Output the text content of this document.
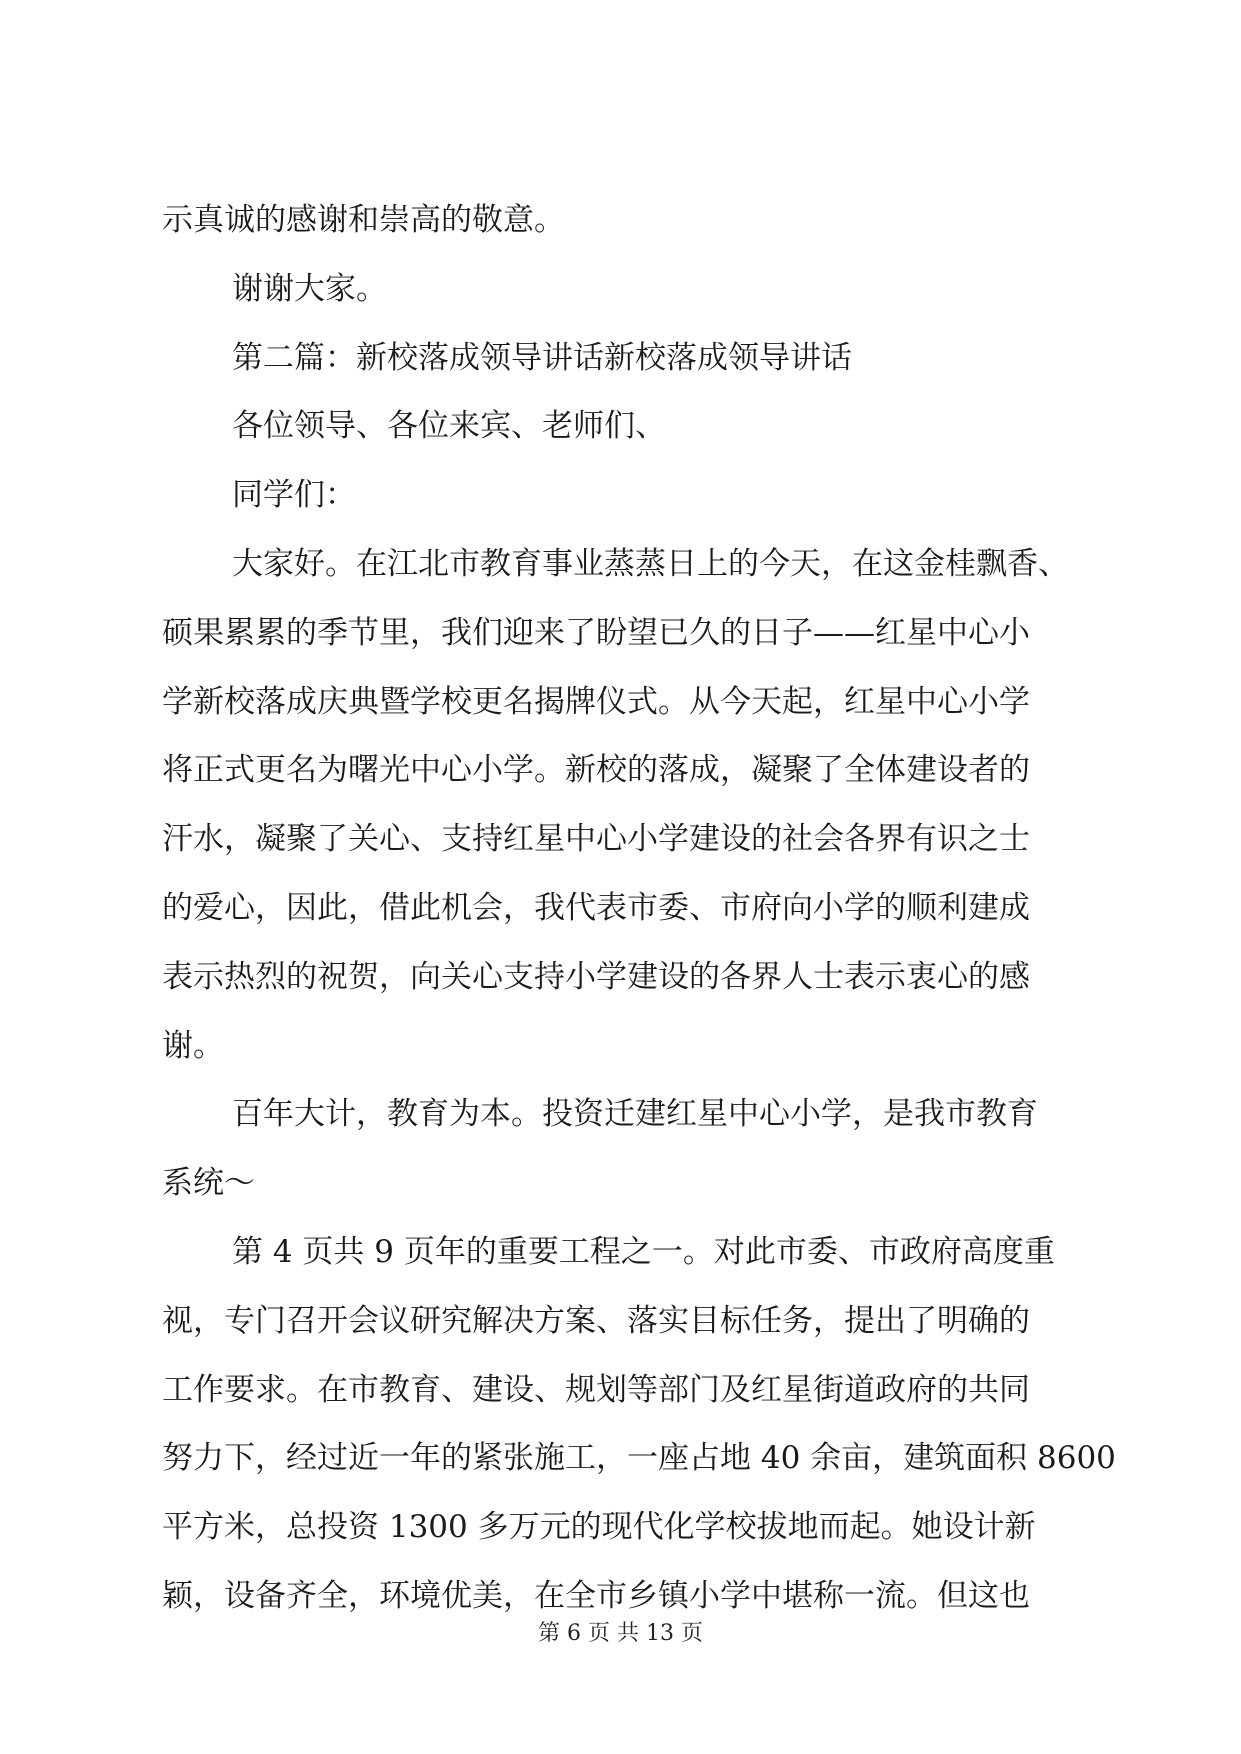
示真诚的感谢和崇高的敬意。
谢谢大家。
第二篇：新校落成领导讲话新校落成领导讲话
各位领导、各位来宾、老师们、
同学们：
大家好。在江北市教育事业蒸蒸日上的今天，在这金桂飘香、
硕果累累的季节里，我们迎来了盼望已久的日子——红星中心小
学新校落成庆典暨学校更名揭牌仪式。从今天起，红星中心小学
将正式更名为曙光中心小学。新校的落成，凝聚了全体建设者的
汗水，凝聚了关心、支持红星中心小学建设的社会各界有识之士
的爱心，因此，借此机会，我代表市委、市府向小学的顺利建成
表示热烈的祝贺，向关心支持小学建设的各界人士表示衷心的感
谢。
百年大计，教育为本。投资迁建红星中心小学，是我市教育
系统～
第 4 页共 9 页年的重要工程之一。对此市委、市政府高度重
视，专门召开会议研究解决方案、落实目标任务，提出了明确的
工作要求。在市教育、建设、规划等部门及红星街道政府的共同
努力下，经过近一年的紧张施工，一座占地 40 余亩，建筑面积 8600
平方米，总投资 1300 多万元的现代化学校拔地而起。她设计新
颖，设备齐全，环境优美，在全市乡镇小学中堪称一流。但这也
第 6 页 共 13 页
